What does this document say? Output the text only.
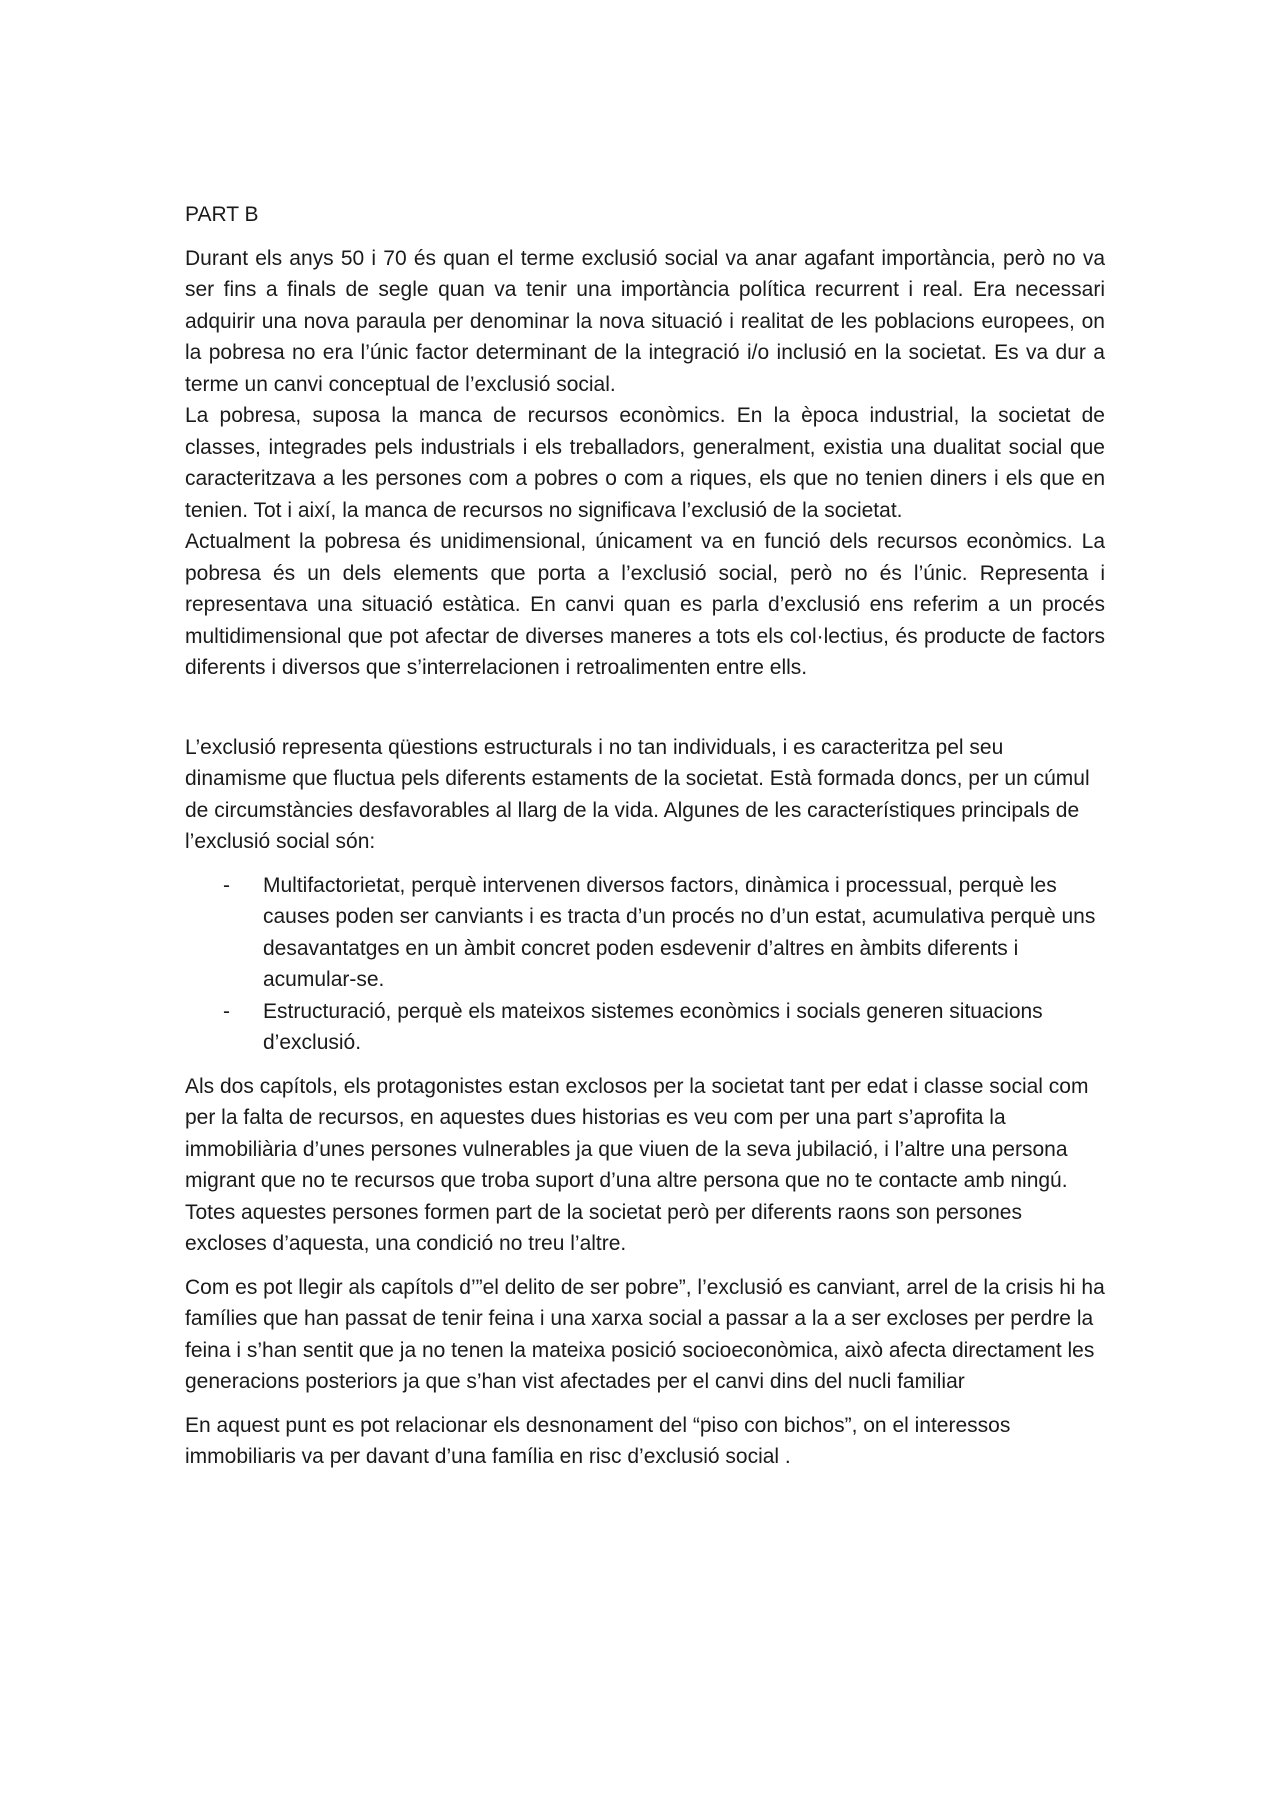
PART B

Durant els anys 50 i 70 és quan el terme exclusió social va anar agafant importància, però no va ser fins a finals de segle quan va tenir una importància política recurrent i real. Era necessari adquirir una nova paraula per denominar la nova situació i realitat de les poblacions europees, on la pobresa no era l’únic factor determinant de la integració i/o inclusió en la societat. Es va dur a terme un canvi conceptual de l’exclusió social.

La pobresa, suposa la manca de recursos econòmics. En la època industrial, la societat de classes, integrades pels industrials i els treballadors, generalment, existia una dualitat social que caracteritzava a les persones com a pobres o com a riques, els que no tenien diners i els que en tenien. Tot i així, la manca de recursos no significava l’exclusió de la societat.

Actualment la pobresa és unidimensional, únicament va en funció dels recursos econòmics. La pobresa és un dels elements que porta a l’exclusió social, però no és l’únic. Representa i representava una situació estàtica. En canvi quan es parla d’exclusió ens referim a un procés multidimensional que pot afectar de diverses maneres a tots els col·lectius, és producte de factors diferents i diversos que s’interrelacionen i retroalimenten entre ells.

L’exclusió representa qüestions estructurals i no tan individuals, i es caracteritza pel seu dinamisme que fluctua pels diferents estaments de la societat. Està formada doncs, per un cúmul de circumstàncies desfavorables al llarg de la vida. Algunes de les característiques principals de l’exclusió social són:

- Multifactorietat, perquè intervenen diversos factors, dinàmica i processual, perquè les causes poden ser canviants i es tracta d’un procés no d’un estat, acumulativa perquè uns desavantatges en un àmbit concret poden esdevenir d’altres en àmbits diferents i acumular-se.
- Estructuració, perquè els mateixos sistemes econòmics i socials generen situacions d’exclusió.

Als dos capítols, els protagonistes estan exclosos per la societat tant per edat i classe social com per la falta de recursos, en aquestes dues historias es veu com per una part s’aprofita la immobiliària d’unes persones vulnerables ja que viuen de la seva jubilació, i l’altre una persona migrant que no te recursos que troba suport d’una altre persona que no te contacte amb ningú. Totes aquestes persones formen part de la societat però per diferents raons son persones excloses d’aquesta, una condició no treu l’altre.

Com es pot llegir als capítols d’”el delito de ser pobre”, l’exclusió es canviant, arrel de la crisis hi ha famílies que han passat de tenir feina i una xarxa social a passar a la a ser excloses per perdre la feina i s’han sentit que ja no tenen la mateixa posició socioeconòmica, això afecta directament les generacions posteriors ja que s’han vist afectades per el canvi dins del nucli familiar

En aquest punt es pot relacionar els desnonament del “piso con bichos”, on el interessos immobiliaris va per davant d’una família en risc d’exclusió social .
